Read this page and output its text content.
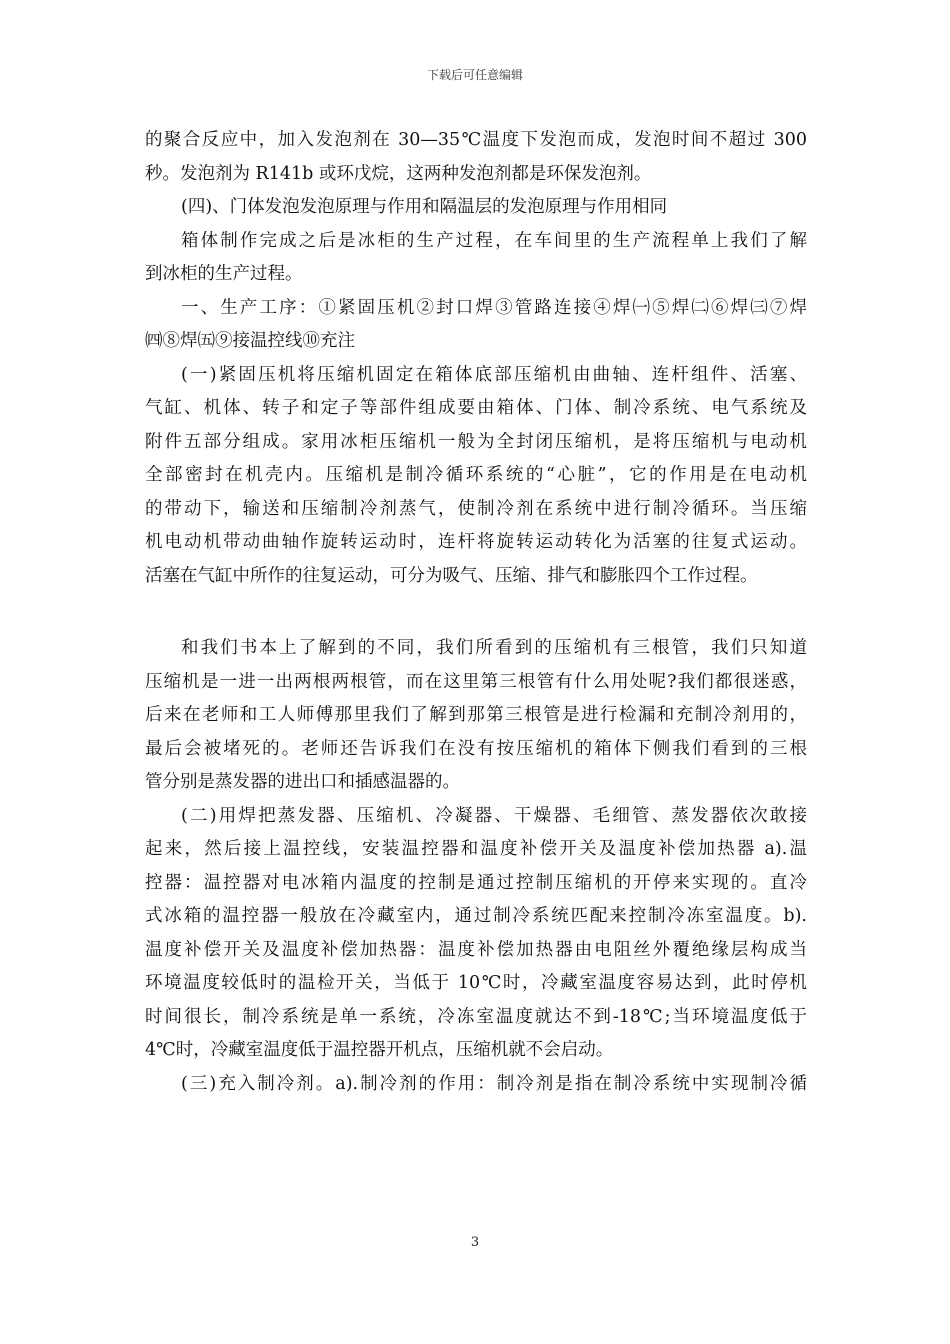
下载后可任意编辑
的聚合反应中，加入发泡剂在 30—35℃温度下发泡而成，发泡时间不超过 300
秒。发泡剂为 R141b 或环戊烷，这两种发泡剂都是环保发泡剂。
(四)、门体发泡发泡原理与作用和隔温层的发泡原理与作用相同
箱体制作完成之后是冰柜的生产过程，在车间里的生产流程单上我们了解
到冰柜的生产过程。
一、生产工序：①紧固压机②封口焊③管路连接④焊㈠⑤焊㈡⑥焊㈢⑦焊
㈣⑧焊㈤⑨接温控线⑩充注
(一)紧固压机将压缩机固定在箱体底部压缩机由曲轴、连杆组件、活塞、
气缸、机体、转子和定子等部件组成要由箱体、门体、制冷系统、电气系统及
附件五部分组成。家用冰柜压缩机一般为全封闭压缩机，是将压缩机与电动机
全部密封在机壳内。压缩机是制冷循环系统的“心脏”，它的作用是在电动机
的带动下，输送和压缩制冷剂蒸气，使制冷剂在系统中进行制冷循环。当压缩
机电动机带动曲轴作旋转运动时，连杆将旋转运动转化为活塞的往复式运动。
活塞在气缸中所作的往复运动，可分为吸气、压缩、排气和膨胀四个工作过程。
和我们书本上了解到的不同，我们所看到的压缩机有三根管，我们只知道
压缩机是一进一出两根两根管，而在这里第三根管有什么用处呢?我们都很迷惑，
后来在老师和工人师傅那里我们了解到那第三根管是进行检漏和充制冷剂用的，
最后会被堵死的。老师还告诉我们在没有按压缩机的箱体下侧我们看到的三根
管分别是蒸发器的进出口和插感温器的。
(二)用焊把蒸发器、压缩机、冷凝器、干燥器、毛细管、蒸发器依次敢接
起来，然后接上温控线，安装温控器和温度补偿开关及温度补偿加热器 a).温
控器：温控器对电冰箱内温度的控制是通过控制压缩机的开停来实现的。直冷
式冰箱的温控器一般放在冷藏室内，通过制冷系统匹配来控制冷冻室温度。b).
温度补偿开关及温度补偿加热器：温度补偿加热器由电阻丝外覆绝缘层构成当
环境温度较低时的温检开关，当低于 10℃时，冷藏室温度容易达到，此时停机
时间很长，制冷系统是单一系统，冷冻室温度就达不到-18℃;当环境温度低于
4℃时，冷藏室温度低于温控器开机点，压缩机就不会启动。
(三)充入制冷剂。a).制冷剂的作用：制冷剂是指在制冷系统中实现制冷循
3
